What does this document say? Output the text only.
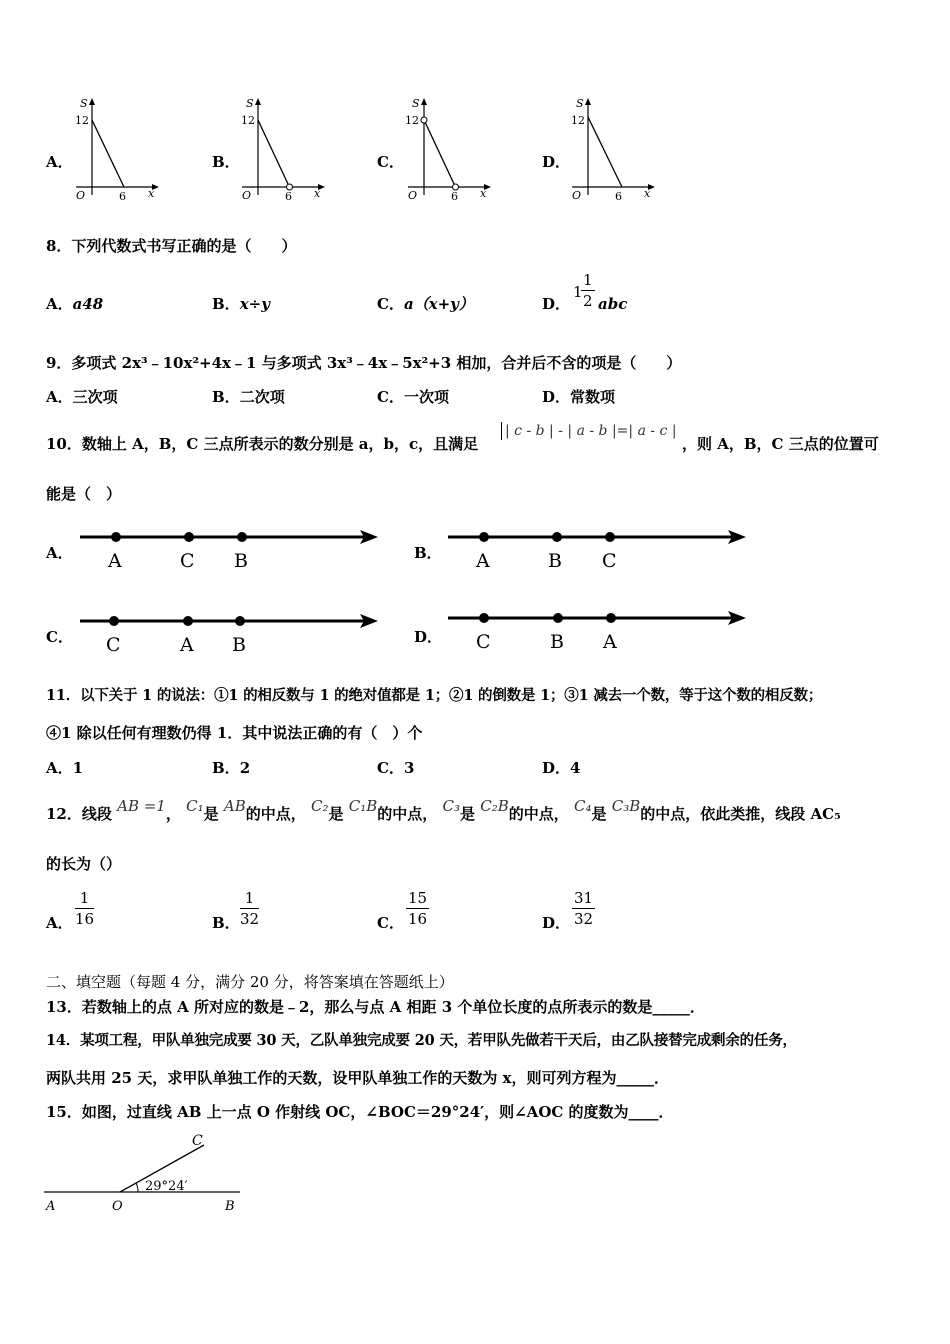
A．	B．	C．	D．
S
12
O	6 x
S
12
O	6 x
S
12
O	6 x
S
12
O	6 x
8．下列代数式书写正确的是（　　）
A．a48	B．x÷y	C．a（x+y）	D．
1
$\frac{1}{2}$ abc
9．多项式 2x³﹣10x²+4x﹣1 与多项式 3x³﹣4x﹣5x²+3 相加，合并后不含的项是（　　）
A．三次项	B．二次项	C．一次项	D．常数项
10．数轴上 A，B，C 三点所表示的数分别是 a，b，c，且满足
| c - b | - | a - b |=| a - c |
，则 A，B，C 三点的位置可
能是（　）
A．	B．
C．	D．
A	C B	A	B C
C	A B	C	B A
11．以下关于 1 的说法：①1 的相反数与 1 的绝对值都是 1；②1 的倒数是 1；③1 减去一个数，等于这个数的相反数；
④1 除以任何有理数仍得 1．其中说法正确的有（　）个
A．1	B．2	C．3	D．4
12．线段 AB =1， C₁是 AB的中点， C₂是 C₁B的中点， C₃是 C₂B的中点， C₄是 C₃B的中点，依此类推，线段 AC₅
的长为（）
A． $\frac{1}{16}$	B． $\frac{1}{32}$	C． $\frac{15}{16}$	D． $\frac{31}{32}$
二、填空题（每题 4 分，满分 20 分，将答案填在答题纸上）
13．若数轴上的点 A 所对应的数是﹣2，那么与点 A 相距 3 个单位长度的点所表示的数是_____．
14．某项工程，甲队单独完成要 30 天，乙队单独完成要 20 天，若甲队先做若干天后，由乙队接替完成剩余的任务，
两队共用 25 天，求甲队单独工作的天数，设甲队单独工作的天数为 x，则可列方程为_____．
15．如图，过直线 AB 上一点 O 作射线 OC，∠BOC＝29°24′，则∠AOC 的度数为____．
C
29°24′
A	O	B
